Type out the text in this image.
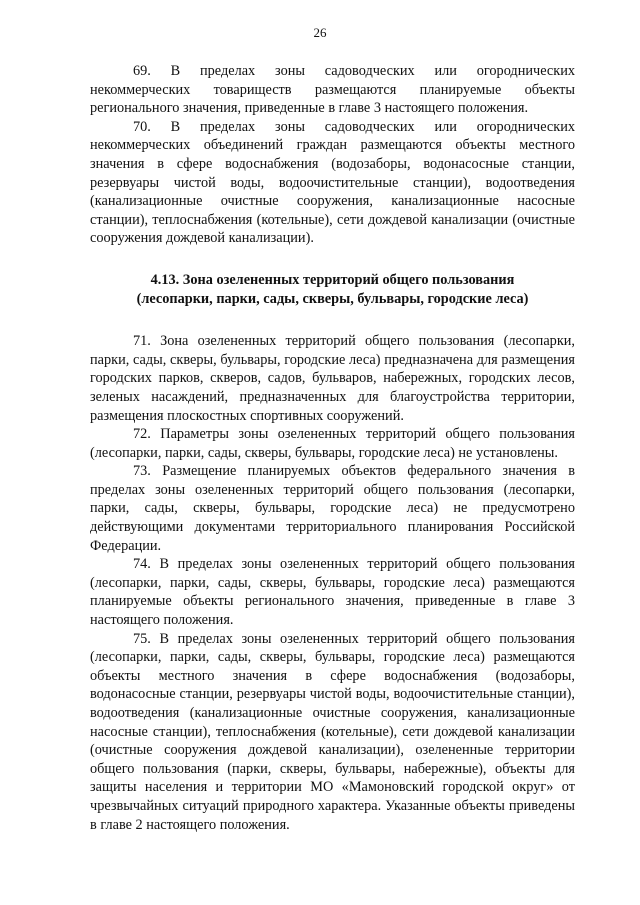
26

69. В пределах зоны садоводческих или огороднических некоммерческих товариществ размещаются планируемые объекты регионального значения, приведенные в главе 3 настоящего положения.

70. В пределах зоны садоводческих или огороднических некоммерческих объединений граждан размещаются объекты местного значения в сфере водоснабжения (водозаборы, водонасосные станции, резервуары чистой воды, водоочистительные станции), водоотведения (канализационные очистные сооружения, канализационные насосные станции), теплоснабжения (котельные), сети дождевой канализации (очистные сооружения дождевой канализации).

4.13. Зона озелененных территорий общего пользования
(лесопарки, парки, сады, скверы, бульвары, городские леса)

71. Зона озелененных территорий общего пользования (лесопарки, парки, сады, скверы, бульвары, городские леса) предназначена для размещения городских парков, скверов, садов, бульваров, набережных, городских лесов, зеленых насаждений, предназначенных для благоустройства территории, размещения плоскостных спортивных сооружений.

72. Параметры зоны озелененных территорий общего пользования (лесопарки, парки, сады, скверы, бульвары, городские леса) не установлены.

73. Размещение планируемых объектов федерального значения в пределах зоны озелененных территорий общего пользования (лесопарки, парки, сады, скверы, бульвары, городские леса) не предусмотрено действующими документами территориального планирования Российской Федерации.

74. В пределах зоны озелененных территорий общего пользования (лесопарки, парки, сады, скверы, бульвары, городские леса) размещаются планируемые объекты регионального значения, приведенные в главе 3 настоящего положения.

75. В пределах зоны озелененных территорий общего пользования (лесопарки, парки, сады, скверы, бульвары, городские леса) размещаются объекты местного значения в сфере водоснабжения (водозаборы, водонасосные станции, резервуары чистой воды, водоочистительные станции), водоотведения (канализационные очистные сооружения, канализационные насосные станции), теплоснабжения (котельные), сети дождевой канализации (очистные сооружения дождевой канализации), озелененные территории общего пользования (парки, скверы, бульвары, набережные), объекты для защиты населения и территории МО «Мамоновский городской округ» от чрезвычайных ситуаций природного характера. Указанные объекты приведены в главе 2 настоящего положения.
